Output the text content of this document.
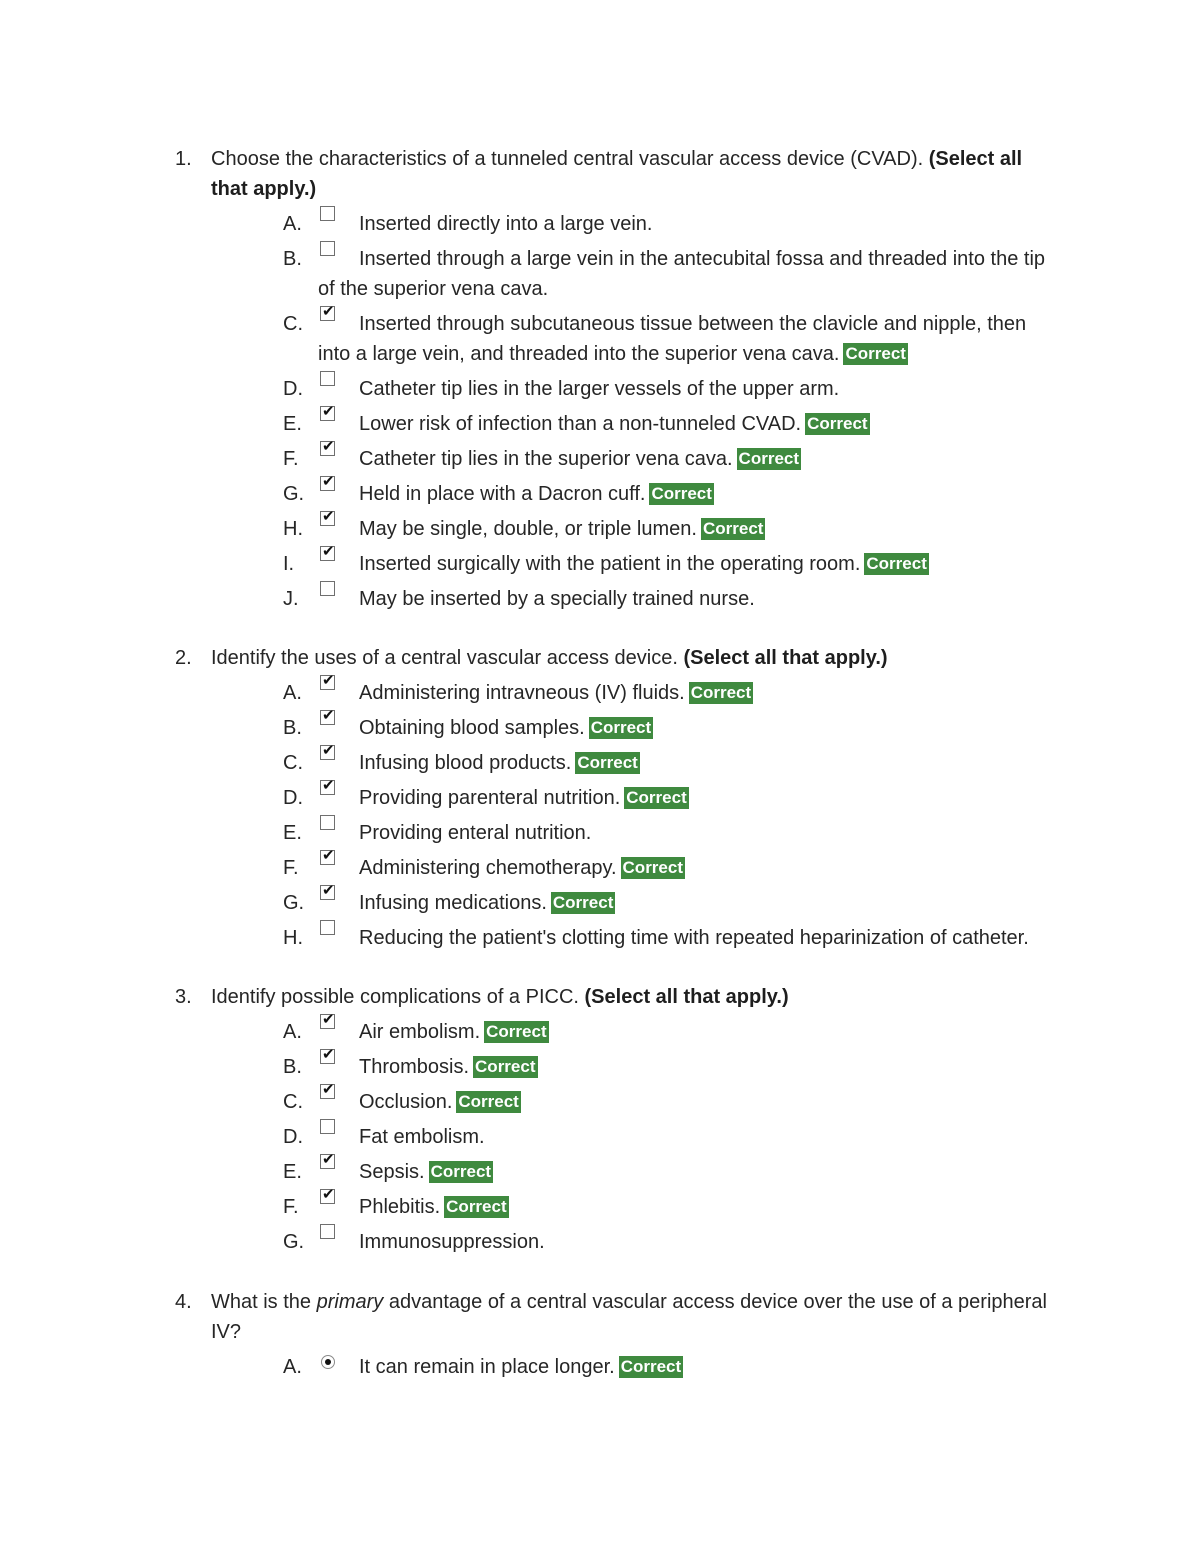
1. Choose the characteristics of a tunneled central vascular access device (CVAD). (Select all that apply.)
A.	Inserted directly into a large vein.
B.	Inserted through a large vein in the antecubital fossa and threaded into the tip of the superior vena cava.
C.
✔
Inserted through subcutaneous tissue between the clavicle and nipple, then into a large vein, and threaded into the superior vena cava. Correct
D.	Catheter tip lies in the larger vessels of the upper arm.
E.
✔
Lower risk of infection than a non-tunneled CVAD. Correct
F.
✔
Catheter tip lies in the superior vena cava. Correct
G.
✔
Held in place with a Dacron cuff. Correct
H.
✔
May be single, double, or triple lumen. Correct
I.
✔
Inserted surgically with the patient in the operating room. Correct
J.	May be inserted by a specially trained nurse.
2. Identify the uses of a central vascular access device. (Select all that apply.)
A.
✔
Administering intravneous (IV) fluids. Correct
B.
✔
Obtaining blood samples. Correct
C.
✔
Infusing blood products. Correct
D.
✔
Providing parenteral nutrition. Correct
E.	Providing enteral nutrition.
F.
✔
Administering chemotherapy. Correct
G.
✔
Infusing medications. Correct
H.	Reducing the patient's clotting time with repeated heparinization of catheter.
3. Identify possible complications of a PICC. (Select all that apply.)
A.
✔
Air embolism. Correct
B.
✔
Thrombosis. Correct
C.
✔
Occlusion. Correct
D.	Fat embolism.
E.
✔
Sepsis. Correct
F.
✔
Phlebitis. Correct
G.	Immunosuppression.
4. What is the primary advantage of a central vascular access device over the use of a peripheral IV?
A.	It can remain in place longer. Correct
